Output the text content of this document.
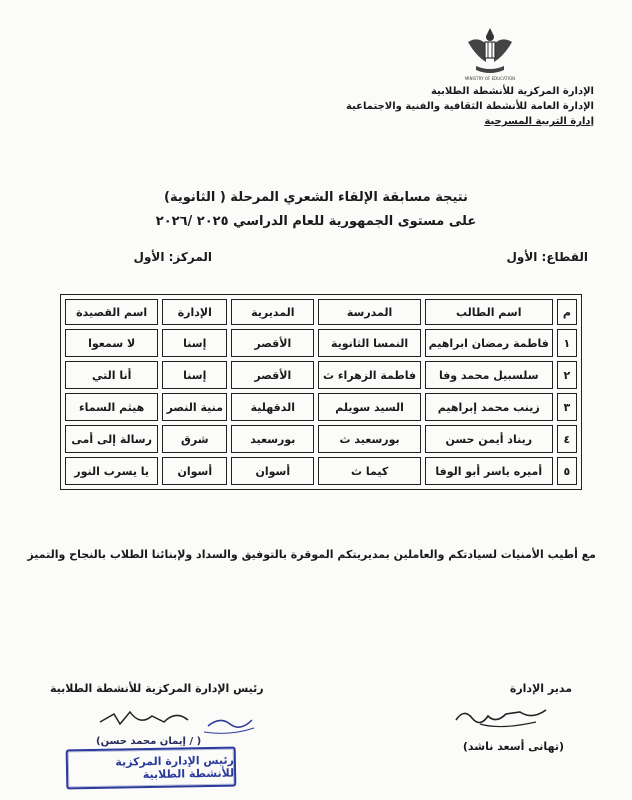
MINISTRY OF EDUCATION
الإدارة المركزية للأنشطة الطلابية
الإدارة العامة للأنشطة الثقافية والفنية والاجتماعية
إدارة التربية المسرحية
نتيجة مسابقة الإلقاء الشعري المرحلة ( الثانوية)
على مستوى الجمهورية للعام الدراسي ٢٠٢٥ /٢٠٢٦
القطاع: الأول
المركز: الأول
م	اسم الطالب	المدرسة	المديرية	الإدارة	اسم القصيدة
١	فاطمة رمضان ابراهيم	النمسا الثانوية	الأقصر	إسنا	لا سمعوا
٢	سلسبيل محمد وفا	فاطمة الزهراء ث	الأقصر	إسنا	أنا التي
٣	زينب محمد إبراهيم	السيد سويلم	الدقهلية	منية النصر	هيثم السماء
٤	ريناد أيمن حسن	بورسعيد ث	بورسعيد	شرق	رسالة إلى أمى
٥	أميره ياسر أبو الوفا	كيما ث	أسوان	أسوان	يا يسرب النور
مع أطيب الأمنيات لسيادتكم والعاملين بمديريتكم الموقرة بالتوفيق والسداد ولإبنائنا الطلاب بالنجاح والتميز
مدير الإدارة
رئيس الإدارة المركزية للأنشطة الطلابية
(تهانى أسعد ناشد)
( / إيمان محمد حسن)
رئيس الإدارة المركزية للأنشطة الطلابية
